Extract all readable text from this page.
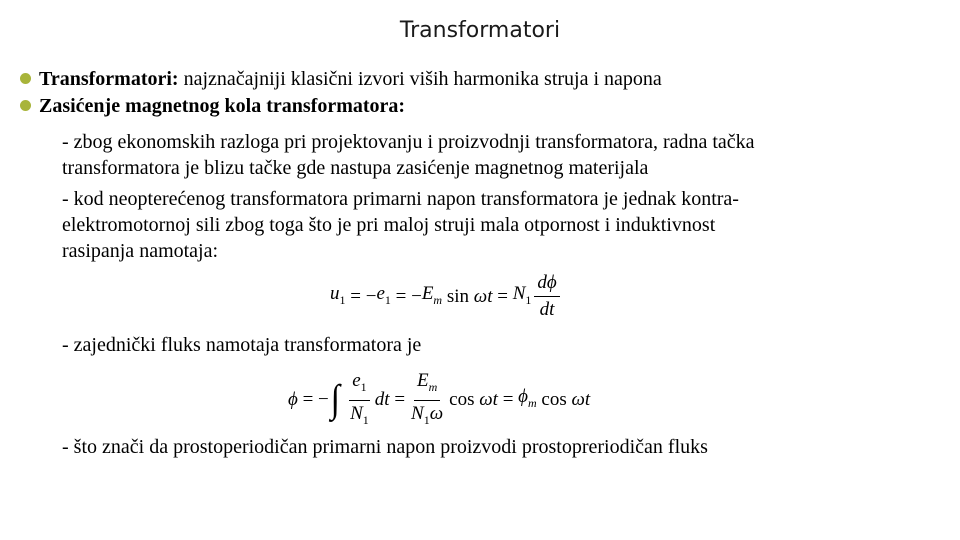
Transformatori
Transformatori: najznačajniji klasični izvori viših harmonika struja i napona
Zasićenje magnetnog kola transformatora:
- zbog ekonomskih razloga pri projektovanju i proizvodnji transformatora, radna tačka
transformatora je blizu tačke gde nastupa zasićenje magnetnog materijala
- kod neopterećenog transformatora primarni napon transformatora je jednak kontra-
elektromotornoj sili zbog toga što je pri maloj struji mala otpornost i induktivnost
rasipanja namotaja:
$u_1$
= − $e_1$
= − $E_m$
sin
ωt
=
$N_1 \frac{d\phi}{dt}$
- zajednički fluks namotaja transformatora je
ϕ
= − ∫ $\frac{e_1}{N_1}$ dt
= $\frac{E_m}{N_1\omega}$ cos
ωt
=
$\phi_m$
cos
ωt
- što znači da prostoperiodičan primarni napon proizvodi prostopreriodičan fluks
